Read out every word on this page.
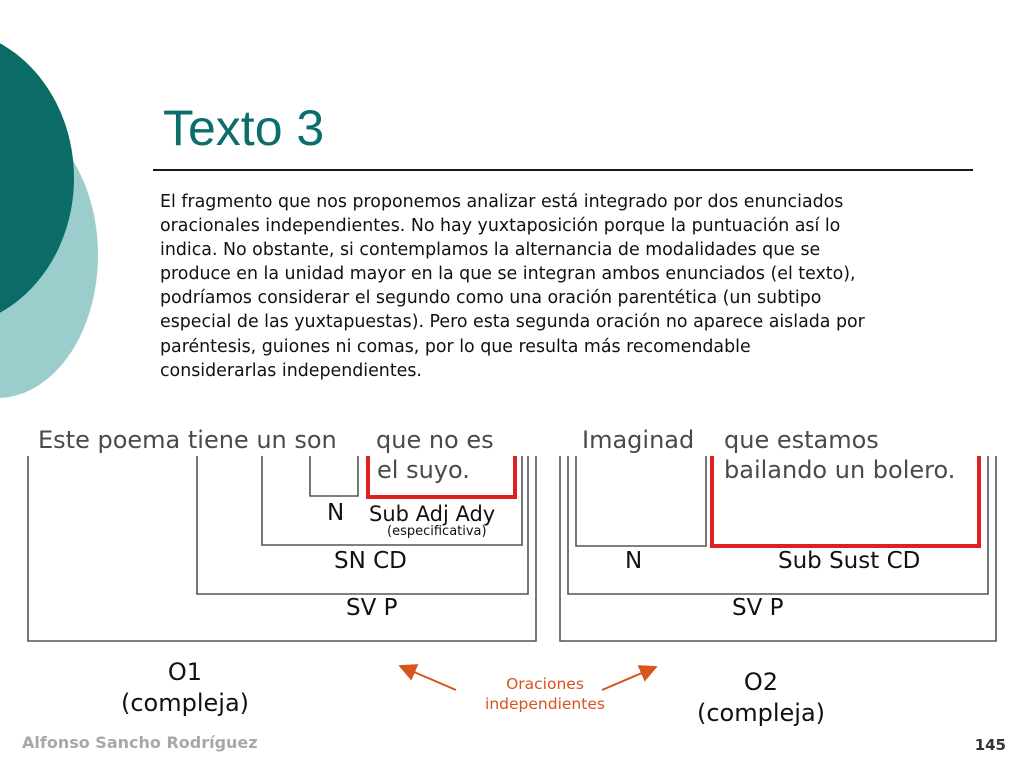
Texto 3

El fragmento que nos proponemos analizar está integrado por dos enunciados
oracionales independientes. No hay yuxtaposición porque la puntuación así lo
indica. No obstante, si contemplamos la alternancia de modalidades que se
produce en la unidad mayor en la que se integran ambos enunciados (el texto),
podríamos considerar el segundo como una oración parentética (un subtipo
especial de las yuxtapuestas). Pero esta segunda oración no aparece aislada por
paréntesis, guiones ni comas, por lo que resulta más recomendable
considerarlas independientes.

Este poema tiene un son que no es
el suyo.
N Sub Adj Ady
(especificativa)
SN CD
SV P
O1
(compleja)
Imaginad que estamos
bailando un bolero.
N	Sub Sust CD
SV P
O2
(compleja)
Oraciones
independientes
Alfonso Sancho Rodríguez	145
